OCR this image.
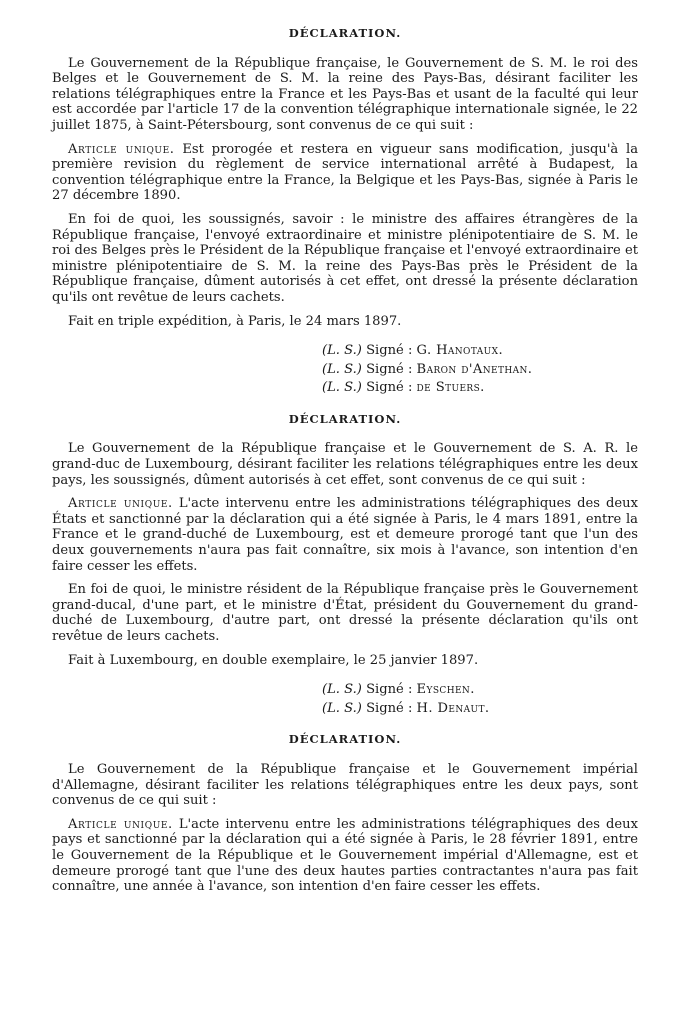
DÉCLARATION.

Le Gouvernement de la République française, le Gouvernement de S. M. le roi des Belges et le Gouvernement de S. M. la reine des Pays-Bas, désirant faciliter les relations télégraphiques entre la France et les Pays-Bas et usant de la faculté qui leur est accordée par l'article 17 de la convention télégraphique internationale signée, le 22 juillet 1875, à Saint-Pétersbourg, sont convenus de ce qui suit :

Article unique. Est prorogée et restera en vigueur sans modification, jusqu'à la première revision du règlement de service international arrêté à Budapest, la convention télégraphique entre la France, la Belgique et les Pays-Bas, signée à Paris le 27 décembre 1890.

En foi de quoi, les soussignés, savoir : le ministre des affaires étrangères de la République française, l'envoyé extraordinaire et ministre plénipotentiaire de S. M. le roi des Belges près le Président de la République française et l'envoyé extraordinaire et ministre plénipotentiaire de S. M. la reine des Pays-Bas près le Président de la République française, dûment autorisés à cet effet, ont dressé la présente déclaration qu'ils ont revêtue de leurs cachets.

Fait en triple expédition, à Paris, le 24 mars 1897.

(L. S.) Signé : G. Hanotaux.
(L. S.) Signé : Baron d'Anethan.
(L. S.) Signé : de Stuers.
DÉCLARATION.

Le Gouvernement de la République française et le Gouvernement de S. A. R. le grand-duc de Luxembourg, désirant faciliter les relations télégraphiques entre les deux pays, les soussignés, dûment autorisés à cet effet, sont convenus de ce qui suit :

Article unique. L'acte intervenu entre les administrations télégraphiques des deux États et sanctionné par la déclaration qui a été signée à Paris, le 4 mars 1891, entre la France et le grand-duché de Luxembourg, est et demeure prorogé tant que l'un des deux gouvernements n'aura pas fait connaître, six mois à l'avance, son intention d'en faire cesser les effets.

En foi de quoi, le ministre résident de la République française près le Gouvernement grand-ducal, d'une part, et le ministre d'État, président du Gouvernement du grand-duché de Luxembourg, d'autre part, ont dressé la présente déclaration qu'ils ont revêtue de leurs cachets.

Fait à Luxembourg, en double exemplaire, le 25 janvier 1897.

(L. S.) Signé : Eyschen.
(L. S.) Signé : H. Denaut.
DÉCLARATION.

Le Gouvernement de la République française et le Gouvernement impérial d'Allemagne, désirant faciliter les relations télégraphiques entre les deux pays, sont convenus de ce qui suit :

Article unique. L'acte intervenu entre les administrations télégraphiques des deux pays et sanctionné par la déclaration qui a été signée à Paris, le 28 février 1891, entre le Gouvernement de la République et le Gouvernement impérial d'Allemagne, est et demeure prorogé tant que l'une des deux hautes parties contractantes n'aura pas fait connaître, une année à l'avance, son intention d'en faire cesser les effets.
